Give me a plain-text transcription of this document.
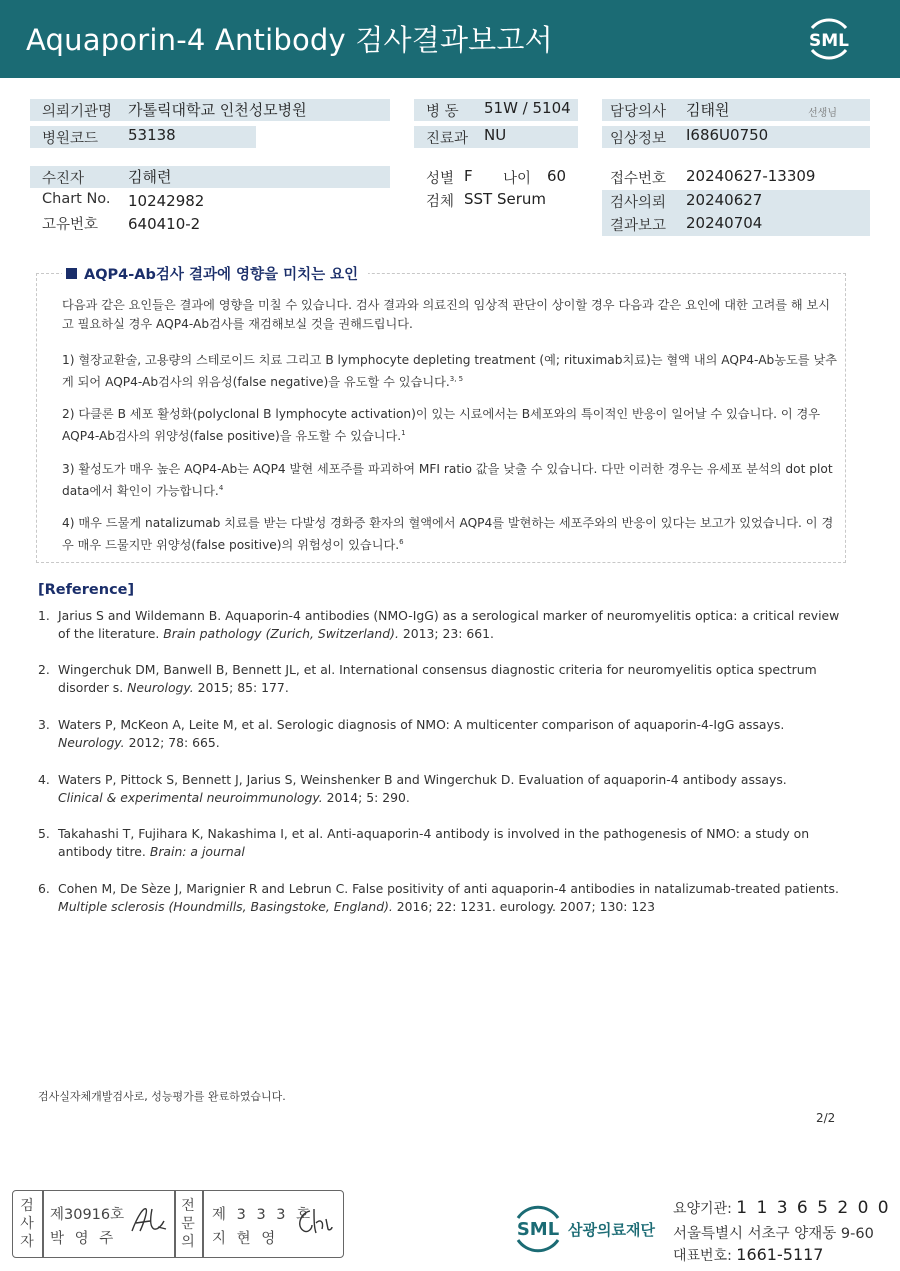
Aquaporin-4 Antibody 검사결과보고서	SML
의뢰기관명 가톨릭대학교 인천성모병원
병원코드 53138
병 동 51W / 5104
진료과 NU
담당의사 김태원	선생님
임상정보 I686U0750
수진자	김해련
Chart No. 10242982
고유번호 640410-2
성별 F 나이 60
검체 SST Serum
접수번호 20240627-13309
검사의뢰 20240627
결과보고 20240704
AQP4-Ab검사 결과에 영향을 미치는 요인
다음과 같은 요인들은 결과에 영향을 미칠 수 있습니다. 검사 결과와 의료진의 임상적 판단이 상이할 경우 다음과 같은 요인에 대한 고려를 해 보시고 필요하실 경우 AQP4-Ab검사를 재검해보실 것을 권해드립니다.
1) 혈장교환술, 고용량의 스테로이드 치료 그리고 B lymphocyte depleting treatment (예; rituximab치료)는 혈액 내의 AQP4-Ab농도를 낮추게 되어 AQP4-Ab검사의 위음성(false negative)을 유도할 수 있습니다.$^{3, 5}$
2) 다클론 B 세포 활성화(polyclonal B lymphocyte activation)이 있는 시료에서는 B세포와의 특이적인 반응이 일어날 수 있습니다. 이 경우 AQP4-Ab검사의 위양성(false positive)을 유도할 수 있습니다.$^1$
3) 활성도가 매우 높은 AQP4-Ab는 AQP4 발현 세포주를 파괴하여 MFI ratio 값을 낮출 수 있습니다. 다만 이러한 경우는 유세포 분석의 dot plot data에서 확인이 가능합니다.$^4$
4) 매우 드물게 natalizumab 치료를 받는 다발성 경화증 환자의 혈액에서 AQP4를 발현하는 세포주와의 반응이 있다는 보고가 있었습니다. 이 경우 매우 드물지만 위양성(false positive)의 위험성이 있습니다.$^6$
[Reference]
1. Jarius S and Wildemann B. Aquaporin-4 antibodies (NMO-IgG) as a serological marker of neuromyelitis optica: a critical review
of the literature. Brain pathology (Zurich, Switzerland). 2013; 23: 661.
2. Wingerchuk DM, Banwell B, Bennett JL, et al. International consensus diagnostic criteria for neuromyelitis optica spectrum
disorder s. Neurology. 2015; 85: 177.
3. Waters P, McKeon A, Leite M, et al. Serologic diagnosis of NMO: A multicenter comparison of aquaporin-4-IgG assays.
Neurology. 2012; 78: 665.
4. Waters P, Pittock S, Bennett J, Jarius S, Weinshenker B and Wingerchuk D. Evaluation of aquaporin-4 antibody assays.
Clinical & experimental neuroimmunology. 2014; 5: 290.
5. Takahashi T, Fujihara K, Nakashima I, et al. Anti-aquaporin-4 antibody is involved in the pathogenesis of NMO: a study on
antibody titre. Brain: a journal
6. Cohen M, De Sèze J, Marignier R and Lebrun C. False positivity of anti aquaporin-4 antibodies in natalizumab-treated patients.
Multiple sclerosis (Houndmills, Basingstoke, England). 2016; 22: 1231. eurology. 2007; 130: 123
검사실자체개발검사로, 성능평가를 완료하였습니다.
2/2
검
사
자
제30916호
박 영 주
전
문
의
제 3 3 3 호
지 현 영	SML 삼광의료재단
요양기관: 1 1 3 6 5 2 0 0
서울특별시 서초구 양재동 9-60
대표번호: 1661-5117
